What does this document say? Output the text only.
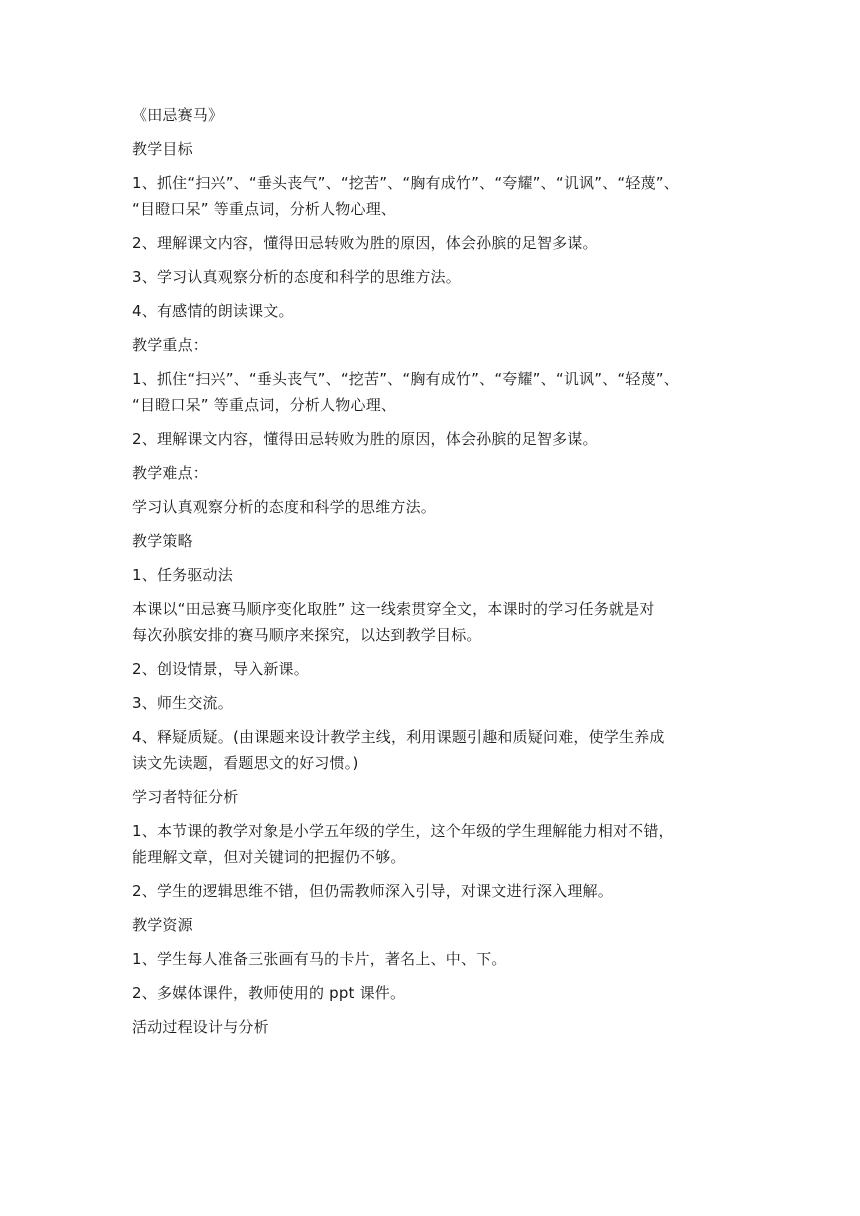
《田忌赛马》

教学目标

1、抓住“扫兴”、“垂头丧气”、“挖苦”、“胸有成竹”、“夸耀”、“讥讽”、“轻蔑”、

“目瞪口呆” 等重点词，分析人物心理、

2、理解课文内容，懂得田忌转败为胜的原因，体会孙膑的足智多谋。

3、学习认真观察分析的态度和科学的思维方法。

4、有感情的朗读课文。

教学重点：

1、抓住“扫兴”、“垂头丧气”、“挖苦”、“胸有成竹”、“夸耀”、“讥讽”、“轻蔑”、

“目瞪口呆” 等重点词，分析人物心理、

2、理解课文内容，懂得田忌转败为胜的原因，体会孙膑的足智多谋。

教学难点：

学习认真观察分析的态度和科学的思维方法。

教学策略

1、任务驱动法

本课以“田忌赛马顺序变化取胜” 这一线索贯穿全文，本课时的学习任务就是对

每次孙膑安排的赛马顺序来探究，以达到教学目标。

2、创设情景，导入新课。

3、师生交流。

4、释疑质疑。(由课题来设计教学主线，利用课题引趣和质疑问难，使学生养成

读文先读题，看题思文的好习惯。)

学习者特征分析

1、本节课的教学对象是小学五年级的学生，这个年级的学生理解能力相对不错，

能理解文章，但对关键词的把握仍不够。

2、学生的逻辑思维不错，但仍需教师深入引导，对课文进行深入理解。

教学资源

1、学生每人准备三张画有马的卡片，著名上、中、下。

2、多媒体课件，教师使用的 ppt 课件。

活动过程设计与分析
